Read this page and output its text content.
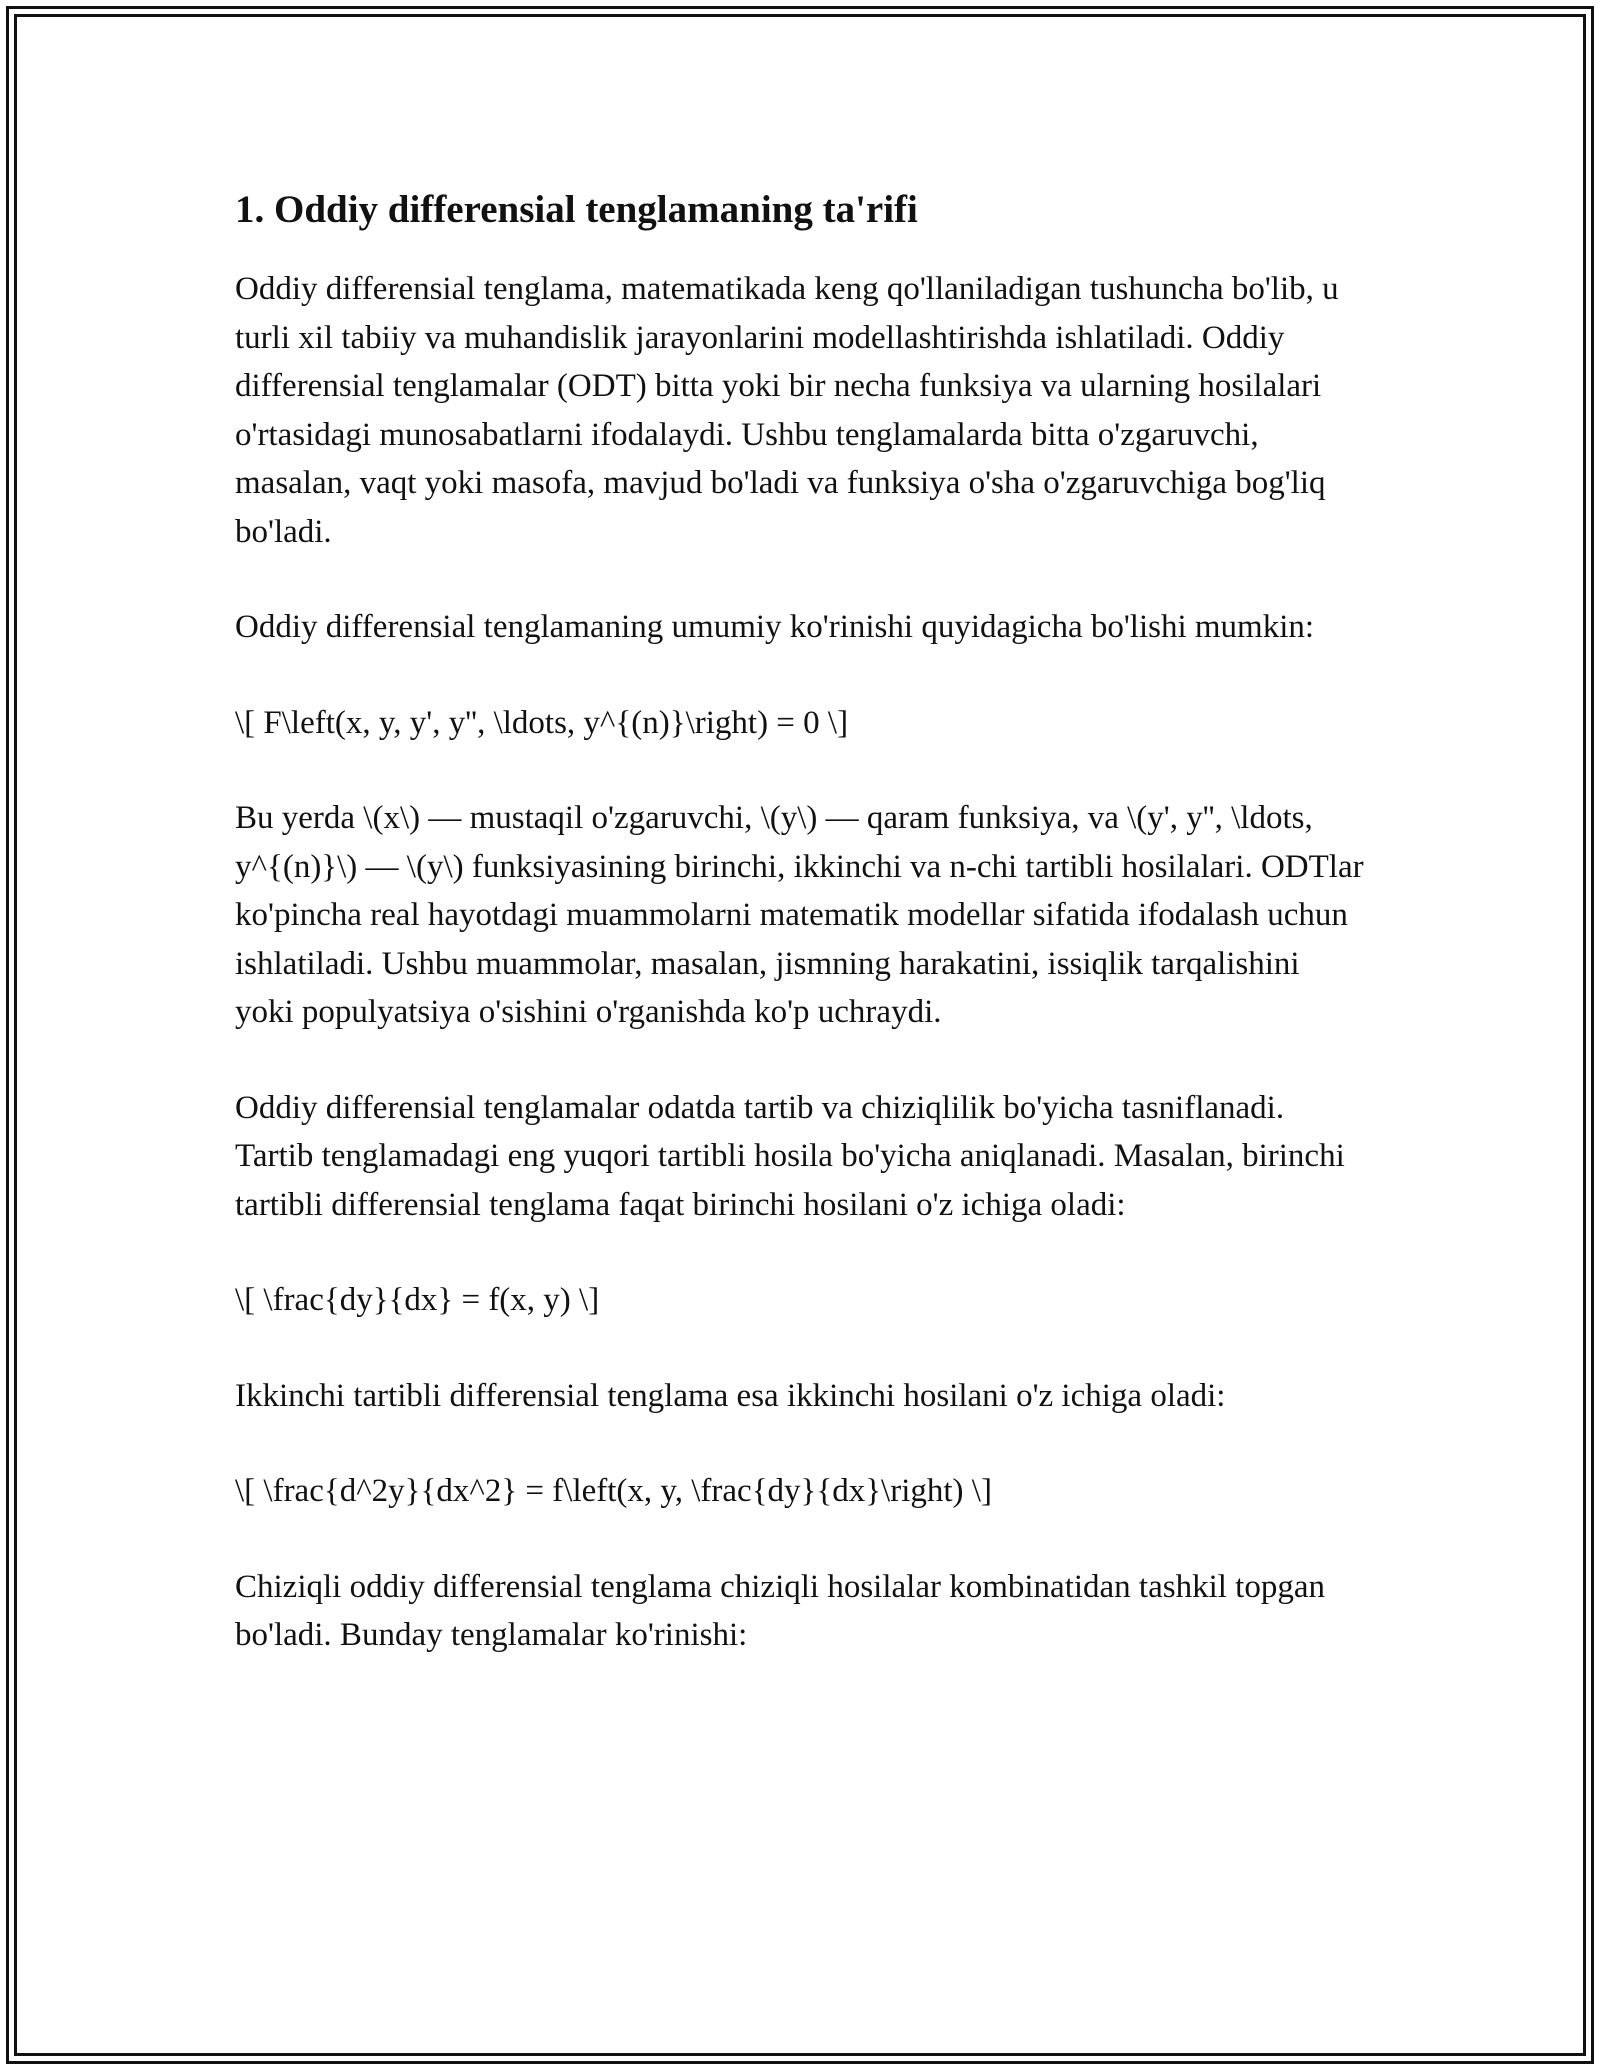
1. Oddiy differensial tenglamaning ta'rifi

Oddiy differensial tenglama, matematikada keng qo'llaniladigan tushuncha bo'lib, u turli xil tabiiy va muhandislik jarayonlarini modellashtirishda ishlatiladi. Oddiy differensial tenglamalar (ODT) bitta yoki bir necha funksiya va ularning hosilalari o'rtasidagi munosabatlarni ifodalaydi. Ushbu tenglamalarda bitta o'zgaruvchi, masalan, vaqt yoki masofa, mavjud bo'ladi va funksiya o'sha o'zgaruvchiga bog'liq bo'ladi.

Oddiy differensial tenglamaning umumiy ko'rinishi quyidagicha bo'lishi mumkin:

\[ F\left(x, y, y', y'', \ldots, y^{(n)}\right) = 0 \]

Bu yerda \(x\) — mustaqil o'zgaruvchi, \(y\) — qaram funksiya, va \(y', y'', \ldots, y^{(n)}\) — \(y\) funksiyasining birinchi, ikkinchi va n-chi tartibli hosilalari. ODTlar ko'pincha real hayotdagi muammolarni matematik modellar sifatida ifodalash uchun ishlatiladi. Ushbu muammolar, masalan, jismning harakatini, issiqlik tarqalishini yoki populyatsiya o'sishini o'rganishda ko'p uchraydi.

Oddiy differensial tenglamalar odatda tartib va chiziqlilik bo'yicha tasniflanadi. Tartib tenglamadagi eng yuqori tartibli hosila bo'yicha aniqlanadi. Masalan, birinchi tartibli differensial tenglama faqat birinchi hosilani o'z ichiga oladi:

\[ \frac{dy}{dx} = f(x, y) \]

Ikkinchi tartibli differensial tenglama esa ikkinchi hosilani o'z ichiga oladi:

\[ \frac{d^2y}{dx^2} = f\left(x, y, \frac{dy}{dx}\right) \]

Chiziqli oddiy differensial tenglama chiziqli hosilalar kombinatidan tashkil topgan bo'ladi. Bunday tenglamalar ko'rinishi:
